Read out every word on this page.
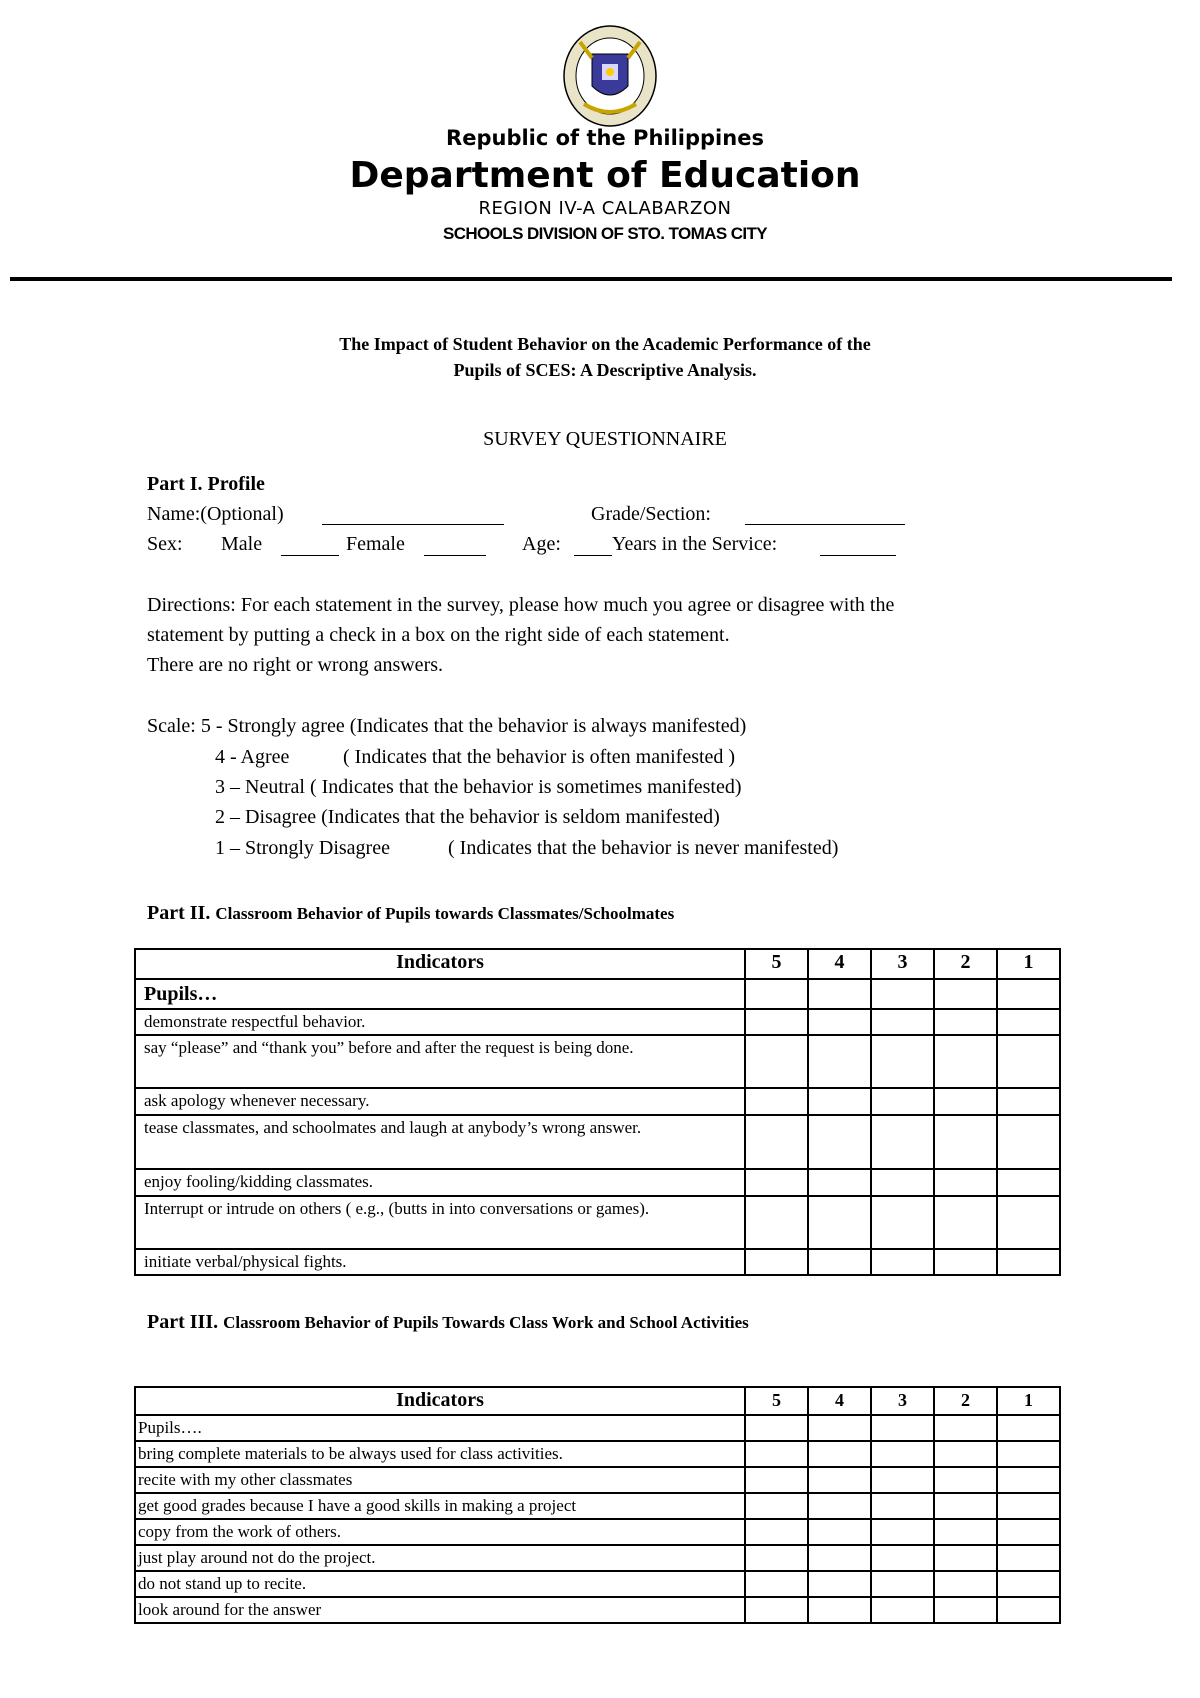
Republic of the Philippines
Department of Education
REGION IV-A CALABARZON
SCHOOLS DIVISION OF STO. TOMAS CITY
The Impact of Student Behavior on the Academic Performance of the
Pupils of SCES: A Descriptive Analysis.
SURVEY QUESTIONNAIRE
Part I. Profile
Name:(Optional)	Grade/Section:
Sex: Male	Female	Age:	Years in the Service:
Directions: For each statement in the survey, please how much you agree or disagree with the
statement by putting a check in a box on the right side of each statement.
There are no right or wrong answers.
Scale: 5 - Strongly agree (Indicates that the behavior is always manifested)
4 - Agree	( Indicates that the behavior is often manifested )
3 – Neutral ( Indicates that the behavior is sometimes manifested)
2 – Disagree (Indicates that the behavior is seldom manifested)
1 – Strongly Disagree	( Indicates that the behavior is never manifested)
Part II. Classroom Behavior of Pupils towards Classmates/Schoolmates
Indicators	5	4	3	2	1
Pupils…					
demonstrate respectful behavior.					
say “please” and “thank you” before and after the request is being done.					
ask apology whenever necessary.					
tease classmates, and schoolmates and laugh at anybody’s wrong answer.					
enjoy fooling/kidding classmates.					
Interrupt or intrude on others ( e.g., (butts in into conversations or games).					
initiate verbal/physical fights.					
Part III. Classroom Behavior of Pupils Towards Class Work and School Activities
Indicators	5	4	3	2	1
Pupils….					
bring complete materials to be always used for class activities.					
recite with my other classmates					
get good grades because I have a good skills in making a project					
copy from the work of others.					
just play around not do the project.					
do not stand up to recite.					
look around for the answer					
